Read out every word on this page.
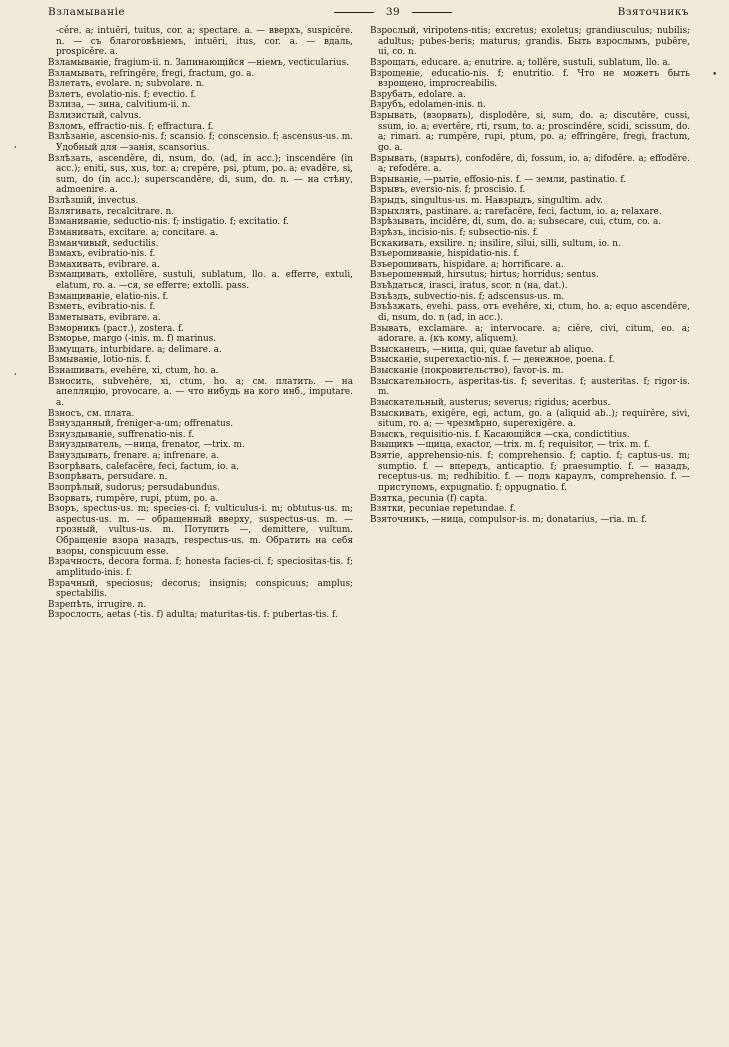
Взламываніе	39	Взяточникъ

-cĕre. a; intuēri, tuitus, cor. a; spectare. a. — вверхъ, suspicĕre. n. — съ благоговѣніемъ, intuēri, itus, cor. a. — вдаль, prospicĕre. a.

Взламываніе, fragium-ii. n. Запинающійся —ніемъ, vecticularius.

Взламывать, refringĕre, fregi, fractum, go. a.

Взлетать, evolare. n; subvolare. n.

Взлетъ, evolatio-nis. f; evectio. f.

Взлиза, — зина, calvitium-ii. n.

Взлизистый, calvus.

Взломъ, effractio-nis. f; effractura. f.

Взлѣзаніе, ascensio-nis. f; scansio. f; conscensio. f; ascensus-us. m. Удобный для —занія, scansorius.

Взлѣзать, ascendĕre, di, nsum, do. (ad, in acc.); inscendĕre (in acc.); eniti, sus, xus, tor. a; crepĕre, psi, ptum, po. a; evadĕre, si, sum, do (in acc.); superscandĕre, di, sum, do. n. — на стѣну, admoenire. a.

Взлѣзшій, invectus.

Взлягивать, recalcitrare. n.

Взманиваніе, seductio-nis. f; instigatio. f; excitatio. f.

Взманивать, excitare. a; concitare. a.

Взманчивый, seductilis.

Взмахъ, evibratio-nis. f.

Взмахивать, evibrare. a.

Взмащивать, extollĕre, sustuli, sublatum, llo. a. efferre, extuli, elatum, ro. a. —ся, se efferre; extolli. pass.

Взмащиваніе, elatio-nis. f.

Взметъ, evibratio-nis. f.

Взметывать, evibrare. a.

Взморникъ (раст.), zostera. f.

Взморье, margo (-inis. m. f) marinus.

Взмущать, inturbidare. a; delimare. a.

Взмываніе, lotio-nis. f.

Взнашивать, evehĕre, xi, ctum, ho. a.

Взносить, subvehĕre, xi, ctum, ho. a; см. платить. — на апелляцію, provocare. a. — что нибудь на кого инб., imputare. a.

Взносъ, см. плата.

Взнузданный, freniger-a-um; offrenatus.

Взнуздываніе, suffrenatio-nis. f.

Взнуздыватель, —ница, frenator, —trix. m.

Взнуздывать, frenare. a; infrenare. a.

Взогрѣвать, calefacĕre, feci, factum, io. a.

Взопрѣвать, persudare. n.

Взопрѣлый, sudorus; persudabundus.

Взорвать, rumpĕre, rupi, ptum, po. a.

Взоръ, spectus-us. m; species-ci. f; vulticulus-i. m; obtutus-us. m; aspectus-us. m. — обращенный вверху, suspectus-us. m. — грозный, vultus-us. m. Потупить —, demittere, vultum. Обращеніе взора назадъ, respectus-us. m. Обратить на себя взоры, conspicuum esse.

Взрачность, decora forma. f; honesta facies-ci. f; speciositas-tis. f; amplitudo-inis. f.

Взрачный, speciosus; decorus; insignis; conspicuus; amplus; spectabilis.

Взрепѣть, irrugire. n.

Взрослость, aetas (-tis. f) adulta; maturitas-tis. f: pubertas-tis. f.

Взрослый, viripotens-ntis; excretus; exoletus; grandiusculus; nubilis; adultus; pubes-beris; maturus; grandis. Быть взрослымъ, pubĕre, ui, co. n.

Взрощать, educare. a; enutrire. a; tollĕre, sustuli, sublatum, llo. a.

Взрощеніе, educatio-nis. f; enutritio. f. Что не можетъ быть взрощено, improcreabilis.

Взрубать, edolare. a.

Взрубъ, edolamen-inis. n.

Взрывать, (взорвать), displodĕre, si, sum, do. a; discutĕre, cussi, ssum, io. a; evertĕre, rti, rsum, to. a; proscindĕre, scidi, scissum, do. a; rimari. a; rumpĕre, rupi, ptum, po. a; effringĕre, fregi, fractum, go. a.

Взрывать, (взрыть), confodĕre, di, fossum, io. a; difodĕre. a; effodĕre. a; refodĕre. a.

Взрываніе, —рытіе, effosio-nis. f. — земли, pastinatio. f.

Взрывъ, eversio-nis. f; proscisio. f.

Взрыдъ, singultus-us. m. Навзрыдъ, singultim. adv.

Взрыхлять, pastinare. a; rarefacĕre, feci, factum, io. a; relaxare.

Взрѣзывать, incidĕre, di, sum, do. a; subsecare, cui, ctum, co. a.

Взрѣзъ, incisio-nis. f; subsectio-nis. f.

Вскакивать, exsilire. n; insilire, silui, silli, sultum, io. n.

Взъерошиваніе, hispidatio-nis. f.

Взъерошивать, hispidare. a; horrificare. a.

Взъерошенный, hirsutus; hirtus; horridus; sentus.

Взъѣдаться, irasci, iratus, scor. n (на, dat.).

Взъѣздъ, subvectio-nis. f; adscensus-us. m.

Взъѣзжать, evehi. pass. отъ evehĕre, xi, ctum, ho. a; equo ascendĕre, di, nsum, do. n (ad, in acc.).

Взывать, exclamare. a; intervocare. a; ciĕre, civi, citum, eo. a; adorare. a. (къ кому, aliquem).

Взысканецъ, —ница, qui, quae favetur ab aliquo.

Взысканіе, superexactio-nis. f. — денежное, poena. f.

Взысканіе (покровительство), favor-is. m.

Взыскательность, asperitas-tis. f; severitas. f; austeritas. f; rigor-is. m.

Взыскательный, austerus; severus; rigidus; acerbus.

Взыскивать, exigĕre, egi, actum, go. a (aliquid ab..); requirĕre, sivi, situm, ro. a; — чрезмѣрно, superexigĕre. a.

Взыскъ, requisitio-nis. f. Касающійся —ска, condictitius.

Взыщикъ —щица, exactor, —trix. m. f; requisitor, — trix. m. f.

Взятіе, apprehensio-nis. f; comprehensio. f; captio. f; captus-us. m; sumptio. f. — впередъ, anticaptio. f; praesumptio. f. — назадъ, receptus-us. m; redhibitio. f. — подъ караулъ, comprehensio. f. — приступомъ, expugnatio. f; oppugnatio. f.

Взятка, pecunia (f) capta.

Взятки, pecuniae repetundae. f.

Взяточникъ, —ница, compulsor-is. m; donatarius, —ria. m. f.

,
,
•
